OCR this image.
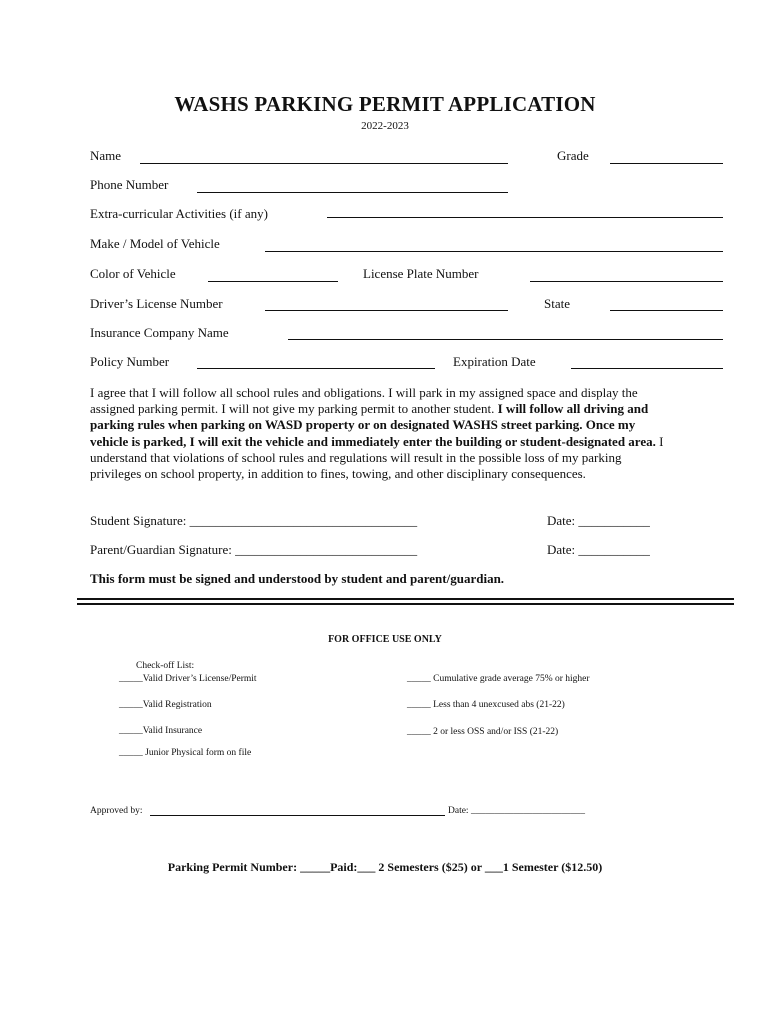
WASHS PARKING PERMIT APPLICATION
2022-2023
Name	Grade
Phone Number
Extra-curricular Activities (if any)
Make / Model of Vehicle
Color of Vehicle	License Plate Number
Driver’s License Number	State
Insurance Company Name
Policy Number	Expiration Date
I agree that I will follow all school rules and obligations. I will park in my assigned space and display the assigned parking permit. I will not give my parking permit to another student. I will follow all driving and parking rules when parking on WASD property or on designated WASHS street parking. Once my vehicle is parked, I will exit the vehicle and immediately enter the building or student-designated area. I understand that violations of school rules and regulations will result in the possible loss of my parking privileges on school property, in addition to fines, towing, and other disciplinary consequences.
Student Signature: ___________________________________	Date: ___________
Parent/Guardian Signature: ____________________________	Date: ___________
This form must be signed and understood by student and parent/guardian.
FOR OFFICE USE ONLY
Check-off List:
_____Valid Driver’s License/Permit
_____Valid Registration
_____Valid Insurance
_____ Junior Physical form on file
_____ Cumulative grade average 75% or higher
_____ Less than 4 unexcused abs (21-22)
_____ 2 or less OSS and/or ISS (21-22)
Approved by:	Date: ________________________
Parking Permit Number: _____Paid:___ 2 Semesters ($25) or ___1 Semester ($12.50)
